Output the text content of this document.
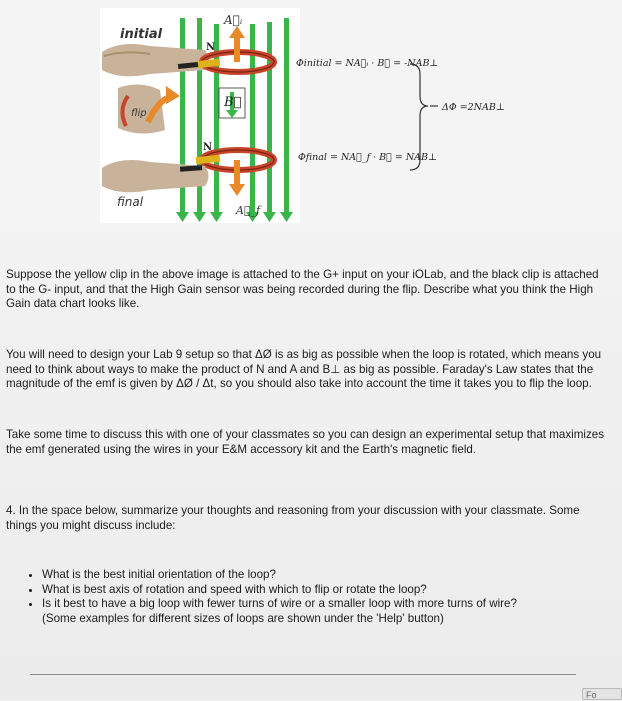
initial
flip
final
N
N
A⃗ᵢ
B⃗
A⃗_f
Φinitial = NA⃗ᵢ · B⃗ = -NAB⊥
Φfinal = NA⃗_f · B⃗ = NAB⊥
ΔΦ =2NAB⊥

Suppose the yellow clip in the above image is attached to the G+ input on your iOLab, and the black clip is attached to the G- input, and that the High Gain sensor was being recorded during the flip. Describe what you think the High Gain data chart looks like.

You will need to design your Lab 9 setup so that ΔØ is as big as possible when the loop is rotated, which means you need to think about ways to make the product of N and A and B⊥ as big as possible. Faraday's Law states that the magnitude of the emf is given by ΔØ / Δt, so you should also take into account the time it takes you to flip the loop.

Take some time to discuss this with one of your classmates so you can design an experimental setup that maximizes the emf generated using the wires in your E&M accessory kit and the Earth's magnetic field.

4. In the space below, summarize your thoughts and reasoning from your discussion with your classmate. Some things you might discuss include:

• What is the best initial orientation of the loop?
• What is best axis of rotation and speed with which to flip or rotate the loop?
• Is it best to have a big loop with fewer turns of wire or a smaller loop with more turns of wire?
(Some examples for different sizes of loops are shown under the 'Help' button)
Fo
